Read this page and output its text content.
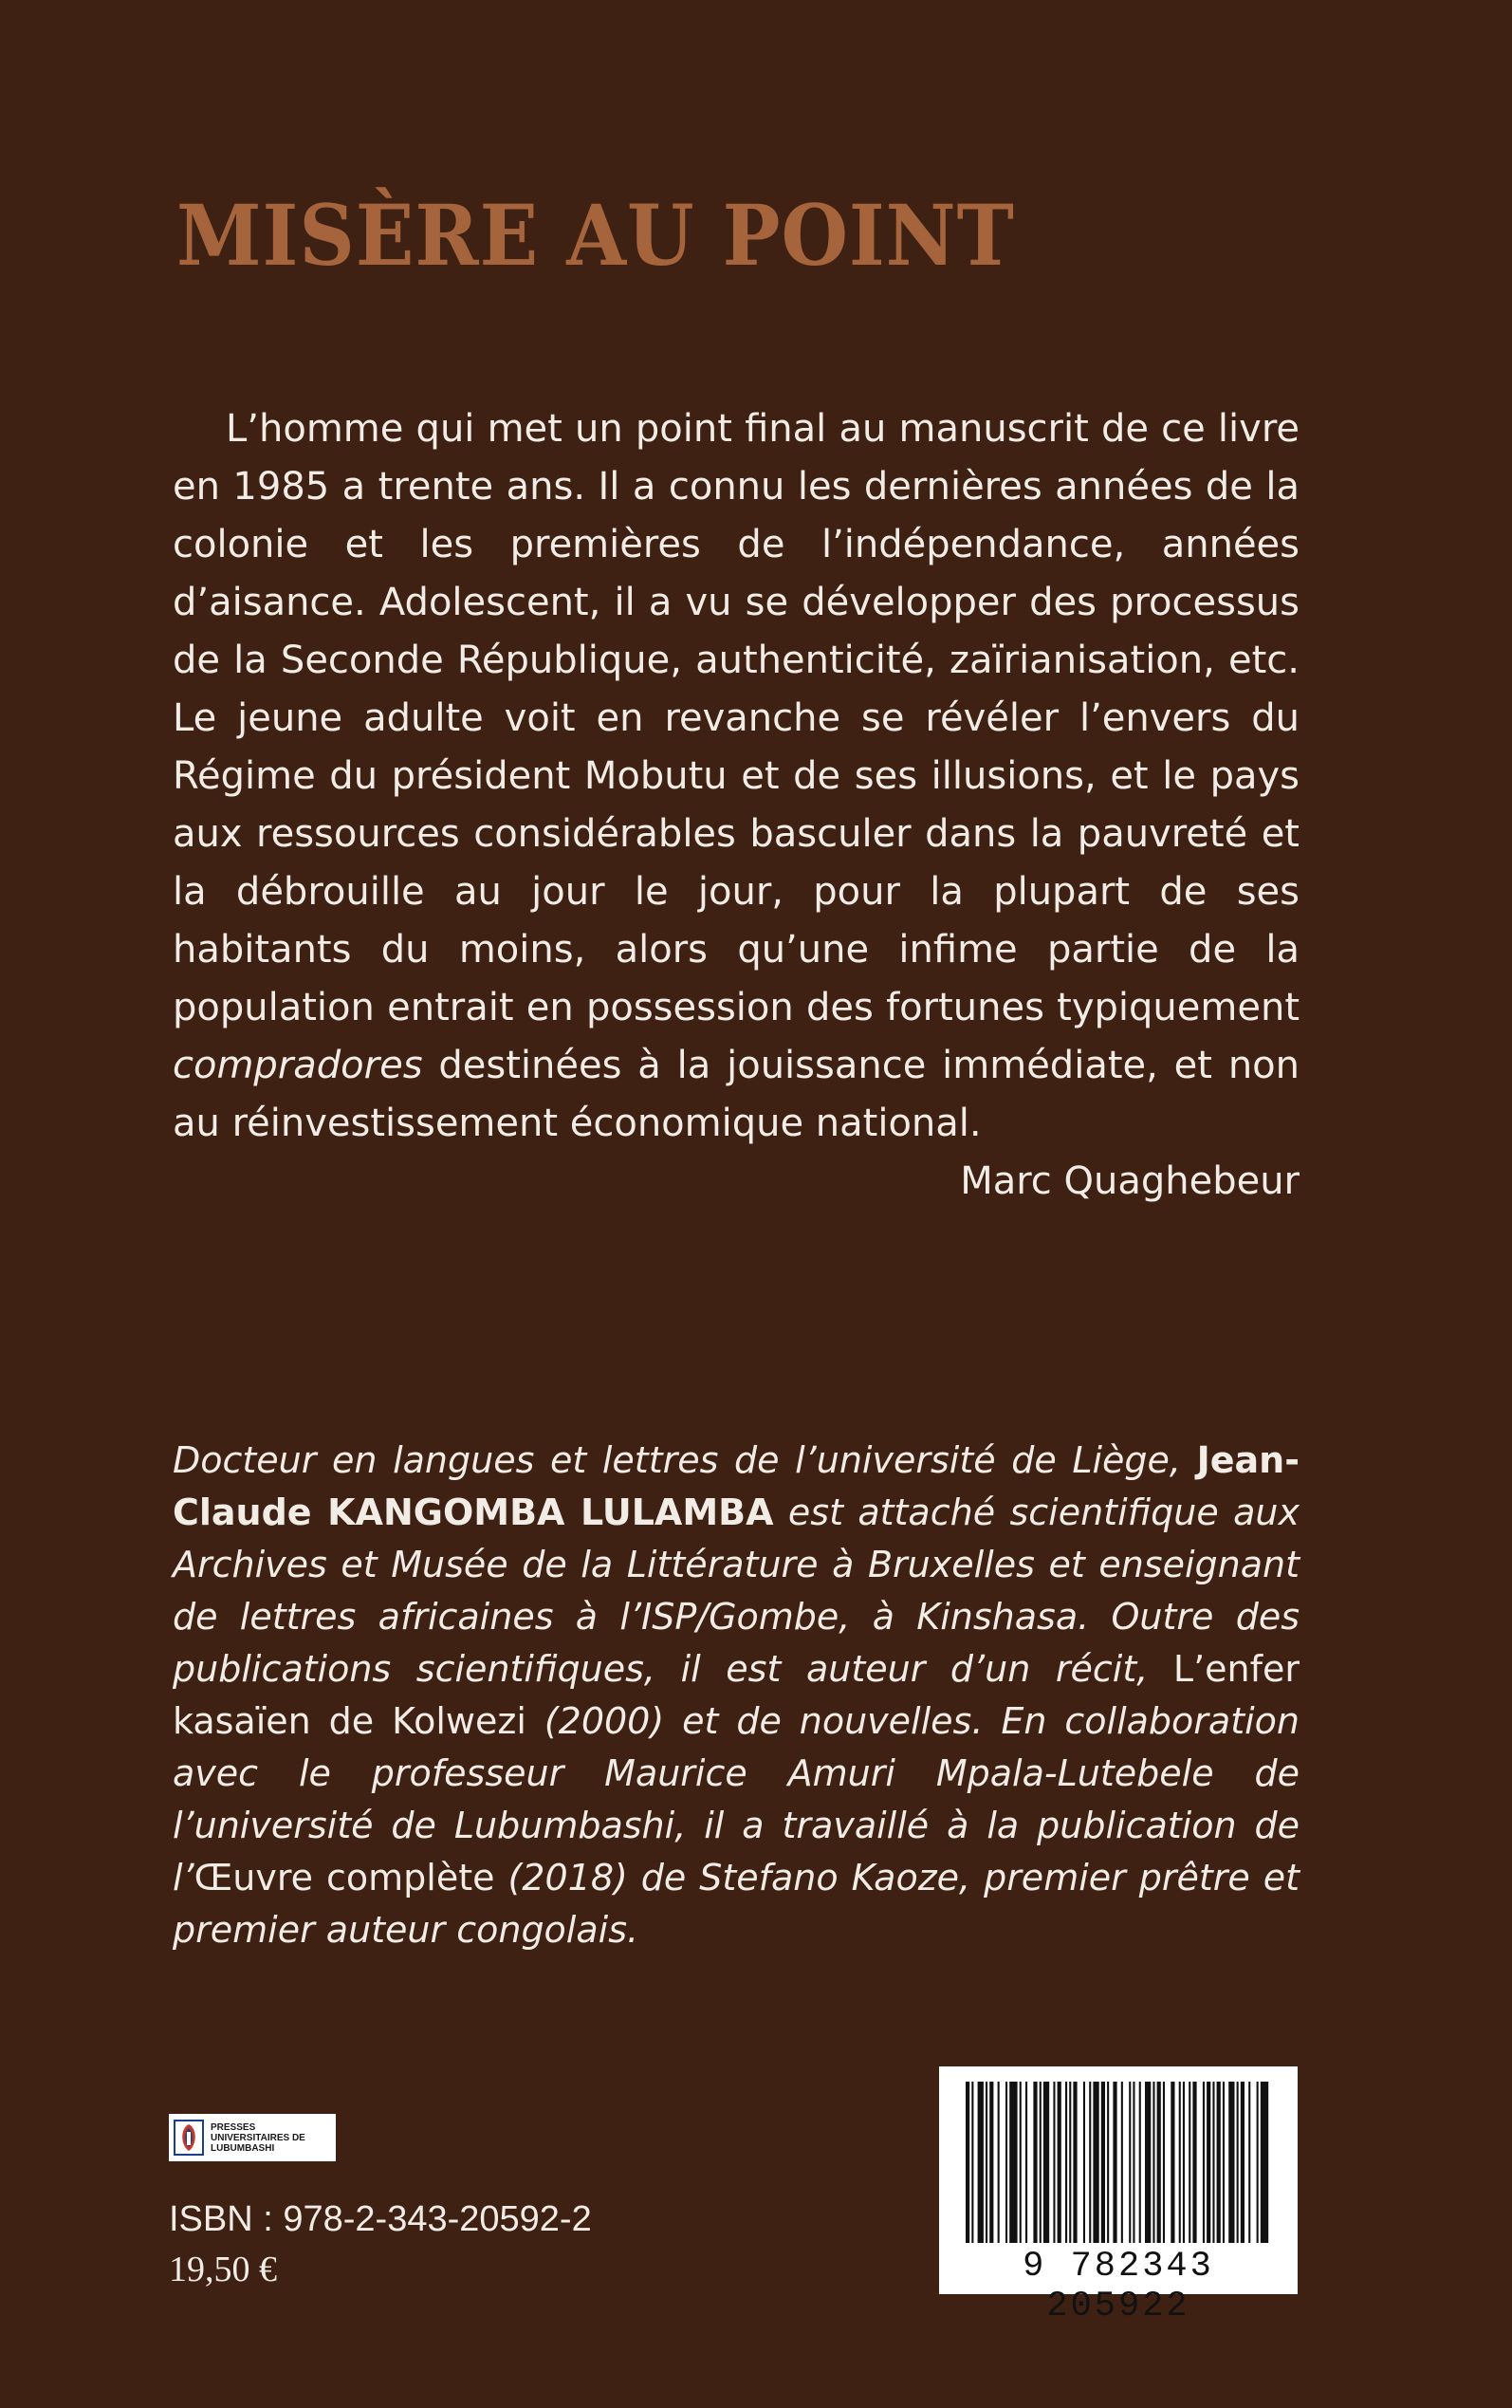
MISÈRE AU POINT
L’homme qui met un point final au manuscrit de ce livre en 1985 a trente ans. Il a connu les dernières années de la colonie et les premières de l’indépendance, années d’aisance. Adolescent, il a vu se développer des processus de la Seconde République, authenticité, zaïrianisation, etc. Le jeune adulte voit en revanche se révéler l’envers du Régime du président Mobutu et de ses illusions, et le pays aux ressources considérables basculer dans la pauvreté et la débrouille au jour le jour, pour la plupart de ses habitants du moins, alors qu’une infime partie de la population entrait en possession des fortunes typiquement compradores destinées à la jouissance immédiate, et non au réinvestissement économique national.
Marc Quaghebeur
Docteur en langues et lettres de l’université de Liège, Jean-Claude KANGOMBA LULAMBA est attaché scientifique aux Archives et Musée de la Littérature à Bruxelles et enseignant de lettres africaines à l’ISP/Gombe, à Kinshasa. Outre des publications scientifiques, il est auteur d’un récit, L’enfer kasaïen de Kolwezi (2000) et de nouvelles. En collaboration avec le professeur Maurice Amuri Mpala-Lutebele de l’université de Lubumbashi, il a travaillé à la publication de l’Œuvre complète (2018) de Stefano Kaoze, premier prêtre et premier auteur congolais.
PRESSES
UNIVERSITAIRES DE
LUBUMBASHI
ISBN : 978-2-343-20592-2
19,50 €	9 782343 205922
